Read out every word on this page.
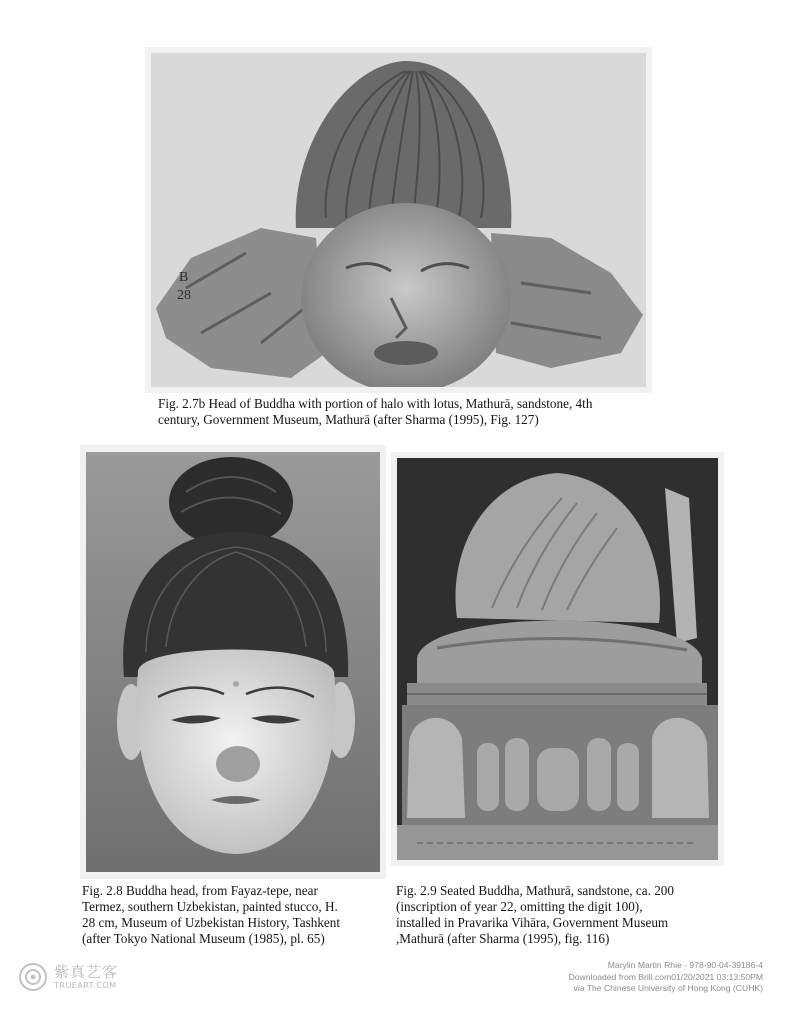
B
28
Fig. 2.7b Head of Buddha with portion of halo with lotus, Mathurā, sandstone, 4th
century, Government Museum, Mathurā (after Sharma (1995), Fig. 127)
Fig. 2.8 Buddha head, from Fayaz-tepe, near
Termez, southern Uzbekistan, painted stucco, H.
28 cm, Museum of Uzbekistan History, Tashkent
(after Tokyo National Museum (1985), pl. 65)
Fig. 2.9 Seated Buddha, Mathurā, sandstone, ca. 200
(inscription of year 22, omitting the digit 100),
installed in Pravarika Vihāra, Government Museum
,Mathurā (after Sharma (1995), fig. 116)
紫真艺客
TRUEART.COM
Marylin Martin Rhie - 978-90-04-39186-4
Downloaded from Brill.com01/20/2021 03:13:50PM
via The Chinese University of Hong Kong (CUHK)
